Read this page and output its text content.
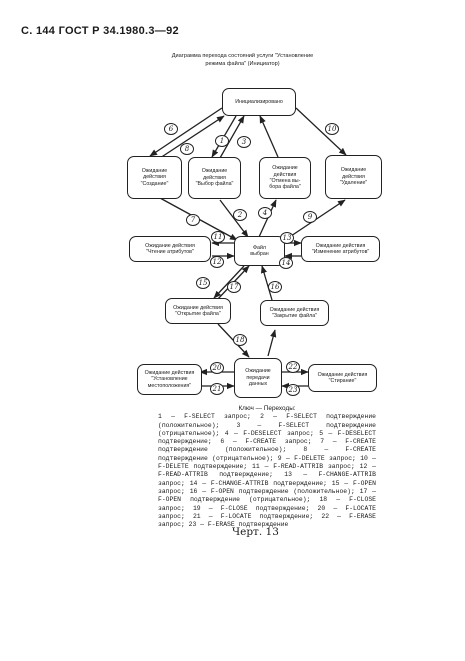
С. 144 ГОСТ Р 34.1980.3—92
Диаграмма перехода состояний услуги "Установление
режима файла" (Инициатор)
Инициализировано
Ожидание
действия
"Создание"
Ожидание
действия
"Выбор файла"
Ожидание
действия
"Отмена вы-
бора файла"
Ожидание
действия
"Удаление"
Ожидание действия
"Чтение атрибутов"
Файл
выбран
Ожидание действия
"Изменение атрибутов"
Ожидание действия
"Открытие файла"
Ожидание действия
"Закрытие файла"
Ожидание действия
"Установление
местоположения"
Ожидание
передачи
данных
Ожидание действия
"Стирание"
6
8
1	3
10
2	4
7	9
11	13
12	14
15	17	16
18
20	22
21	23
Ключ — Переходы:
1 — F-SELECT запрос; 2 — F-SELECT подтверждение (положительное); 3 — F-SELECT подтверждение (отрицательное); 4 — F-DESELECT запрос; 5 — F-DESELECT подтверждение; 6 — F-CREATE запрос; 7 — F-CREATE подтверждение (положительное); 8 — F-CREATE подтверждение (отрицательное); 9 — F-DELETE запрос; 10 — F-DELETE подтверждение; 11 — F-READ-ATTRIB запрос; 12 — F-READ-ATTRIB подтверждение; 13 — F-CHANGE-ATTRIB запрос; 14 — F-CHANGE-ATTRIB подтверждение; 15 — F-OPEN запрос; 16 — F-OPEN подтверждение (положительное); 17 — F-OPEN подтверждение (отрицательное); 18 — F-CLOSE запрос; 19 — F-CLOSE подтверждение; 20 — F-LOCATE запрос; 21 — F-LOCATE подтверждение; 22 — F-ERASE запрос; 23 — F-ERASE подтверждение
Черт. 13
